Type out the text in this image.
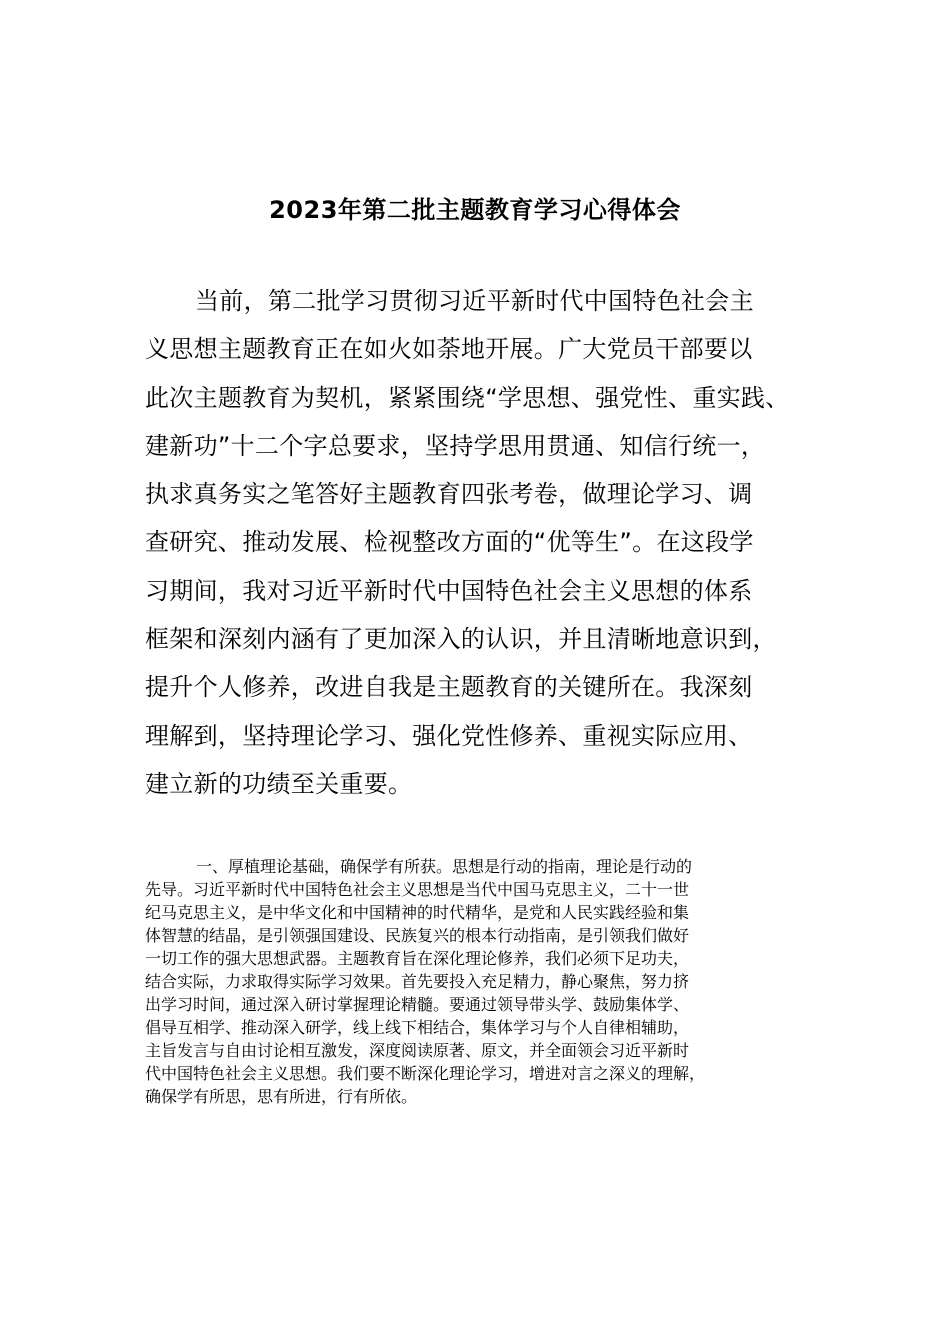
2023年第二批主题教育学习心得体会
当前，第二批学习贯彻习近平新时代中国特色社会主
义思想主题教育正在如火如荼地开展。广大党员干部要以
此次主题教育为契机，紧紧围绕“学思想、强党性、重实践、
建新功”十二个字总要求，坚持学思用贯通、知信行统一，
执求真务实之笔答好主题教育四张考卷，做理论学习、调
查研究、推动发展、检视整改方面的“优等生”。在这段学
习期间，我对习近平新时代中国特色社会主义思想的体系
框架和深刻内涵有了更加深入的认识，并且清晰地意识到，
提升个人修养，改进自我是主题教育的关键所在。我深刻
理解到，坚持理论学习、强化党性修养、重视实际应用、
建立新的功绩至关重要。
一、厚植理论基础，确保学有所获。思想是行动的指南，理论是行动的
先导。习近平新时代中国特色社会主义思想是当代中国马克思主义，二十一世
纪马克思主义，是中华文化和中国精神的时代精华，是党和人民实践经验和集
体智慧的结晶，是引领强国建设、民族复兴的根本行动指南，是引领我们做好
一切工作的强大思想武器。主题教育旨在深化理论修养，我们必须下足功夫，
结合实际，力求取得实际学习效果。首先要投入充足精力，静心聚焦，努力挤
出学习时间，通过深入研讨掌握理论精髓。要通过领导带头学、鼓励集体学、
倡导互相学、推动深入研学，线上线下相结合，集体学习与个人自律相辅助，
主旨发言与自由讨论相互激发，深度阅读原著、原文，并全面领会习近平新时
代中国特色社会主义思想。我们要不断深化理论学习，增进对言之深义的理解，
确保学有所思，思有所进，行有所依。
